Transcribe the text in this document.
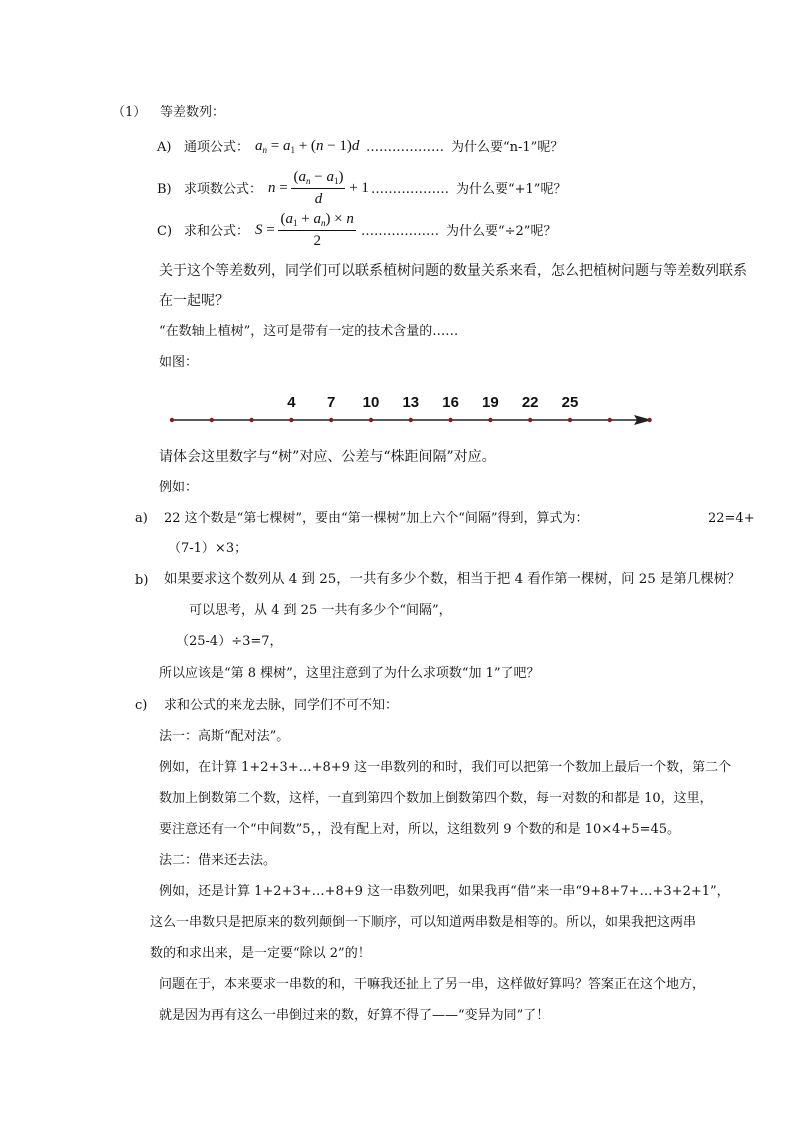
（1） 等差数列：
A) 通项公式： $a_n = a_1 + (n - 1)d$ ……………… 为什么要“n-1”呢？
B) 求项数公式： $n = \frac{(a_n - a_1)}{d} + 1$ ……………… 为什么要“+1”呢？
C) 求和公式： $S = \frac{(a_1 + a_n) \times n}{2}$ ……………… 为什么要“÷2”呢？
关于这个等差数列，同学们可以联系植树问题的数量关系来看，怎么把植树问题与等差数列联系
在一起呢？
“在数轴上植树”，这可是带有一定的技术含量的……
如图：
4 7 10 13 16 19 22 25
请体会这里数字与“树”对应、公差与“株距间隔”对应。
例如：
a) 22 这个数是“第七棵树”，要由“第一棵树”加上六个“间隔”得到，算式为：	22=4+
（7-1）×3；
b) 如果要求这个数列从 4 到 25，一共有多少个数，相当于把 4 看作第一棵树，问 25 是第几棵树？
可以思考，从 4 到 25 一共有多少个“间隔”，
（25-4）÷3=7，
所以应该是“第 8 棵树”，这里注意到了为什么求项数“加 1”了吧？
c) 求和公式的来龙去脉，同学们不可不知：
法一：高斯“配对法”。
例如，在计算 1+2+3+…+8+9 这一串数列的和时，我们可以把第一个数加上最后一个数，第二个
数加上倒数第二个数，这样，一直到第四个数加上倒数第四个数，每一对数的和都是 10，这里，
要注意还有一个“中间数”5，，没有配上对，所以，这组数列 9 个数的和是 10×4+5=45。
法二：借来还去法。
例如，还是计算 1+2+3+…+8+9 这一串数列吧，如果我再“借”来一串“9+8+7+…+3+2+1”，
这么一串数只是把原来的数列颠倒一下顺序，可以知道两串数是相等的。所以，如果我把这两串
数的和求出来，是一定要“除以 2”的！
问题在于，本来要求一串数的和，干嘛我还扯上了另一串，这样做好算吗？答案正在这个地方，
就是因为再有这么一串倒过来的数，好算不得了——“变异为同”了！
